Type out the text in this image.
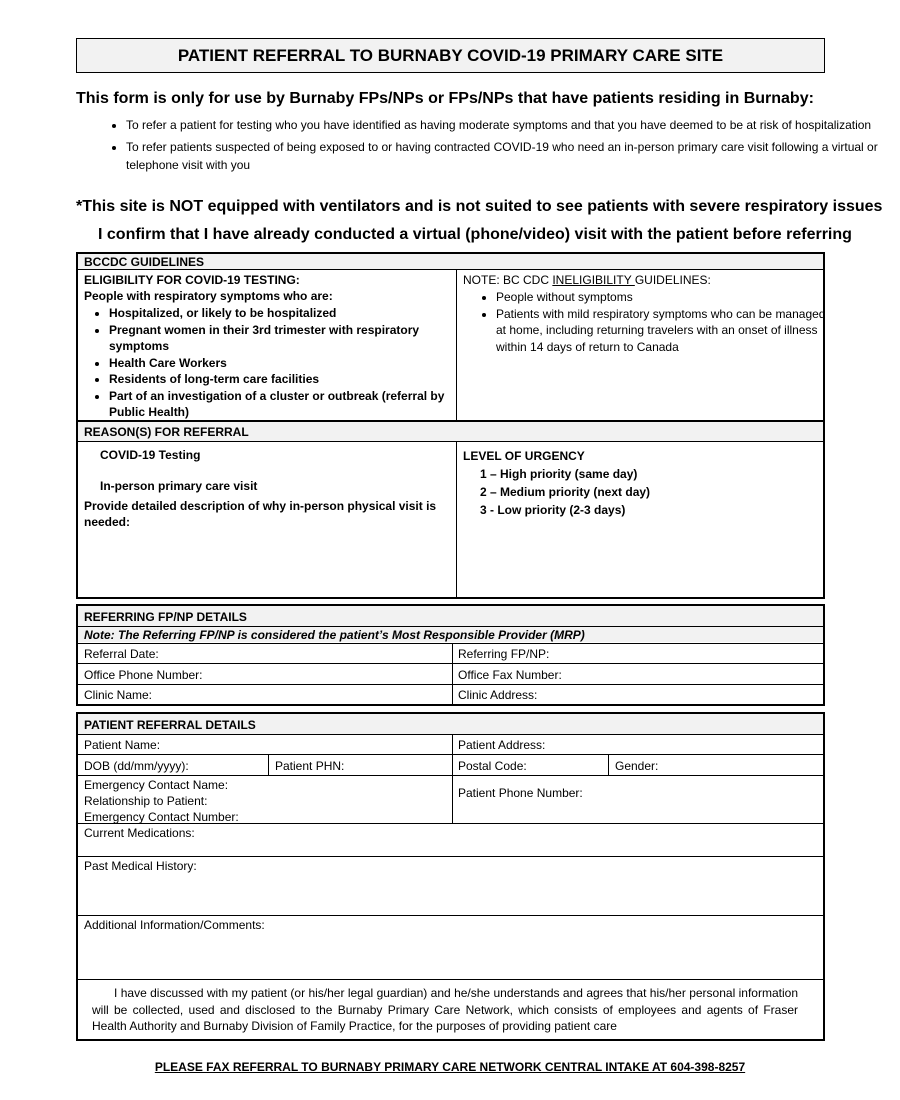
PATIENT REFERRAL TO BURNABY COVID-19 PRIMARY CARE SITE
This form is only for use by Burnaby FPs/NPs or FPs/NPs that have patients residing in Burnaby:
• To refer a patient for testing who you have identified as having moderate symptoms and that you have deemed to be at risk of hospitalization
• To refer patients suspected of being exposed to or having contracted COVID-19 who need an in-person primary care visit following a virtual or telephone visit with you
*This site is NOT equipped with ventilators and is not suited to see patients with severe respiratory issues
I confirm that I have already conducted a virtual (phone/video) visit with the patient before referring
BCCDC GUIDELINES
ELIGIBILITY FOR COVID-19 TESTING:
People with respiratory symptoms who are:
• Hospitalized, or likely to be hospitalized
• Pregnant women in their 3rd trimester with respiratory symptoms
• Health Care Workers
• Residents of long-term care facilities
• Part of an investigation of a cluster or outbreak (referral by Public Health)
NOTE: BC CDC INELIGIBILITY GUIDELINES:
• People without symptoms
• Patients with mild respiratory symptoms who can be managed at home, including returning travelers with an onset of illness within 14 days of return to Canada
REASON(S) FOR REFERRAL
COVID-19 Testing
In-person primary care visit
Provide detailed description of why in-person physical visit is needed:
LEVEL OF URGENCY
1 – High priority (same day)
2 – Medium priority (next day)
3 - Low priority (2-3 days)
REFERRING FP/NP DETAILS
Note: The Referring FP/NP is considered the patient’s Most Responsible Provider (MRP)
Referral Date:	Referring FP/NP:
Office Phone Number:	Office Fax Number:
Clinic Name:	Clinic Address:
PATIENT REFERRAL DETAILS
Patient Name:	Patient Address:
DOB (dd/mm/yyyy):	Patient PHN:	Postal Code:	Gender:
Emergency Contact Name:
Relationship to Patient:
Emergency Contact Number:
Patient Phone Number:
Current Medications:
Past Medical History:
Additional Information/Comments:
I have discussed with my patient (or his/her legal guardian) and he/she understands and agrees that his/her personal information will be collected, used and disclosed to the Burnaby Primary Care Network, which consists of employees and agents of Fraser Health Authority and Burnaby Division of Family Practice, for the purposes of providing patient care
PLEASE FAX REFERRAL TO BURNABY PRIMARY CARE NETWORK CENTRAL INTAKE AT 604-398-8257
